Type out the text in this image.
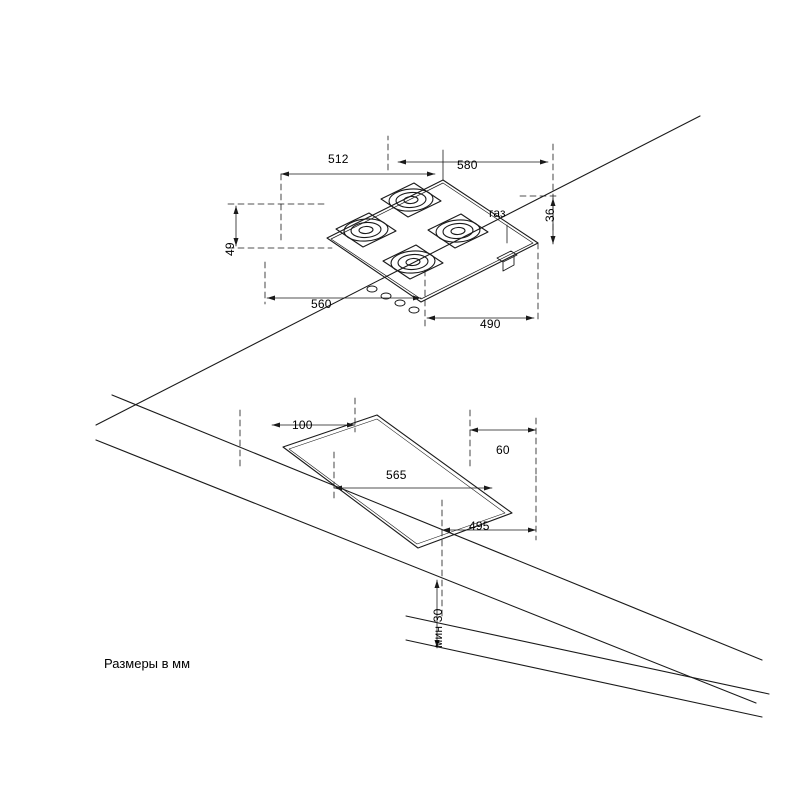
512	580
49
36
560
490
газ
100
60
565
495
мин 30
Размеры в мм
